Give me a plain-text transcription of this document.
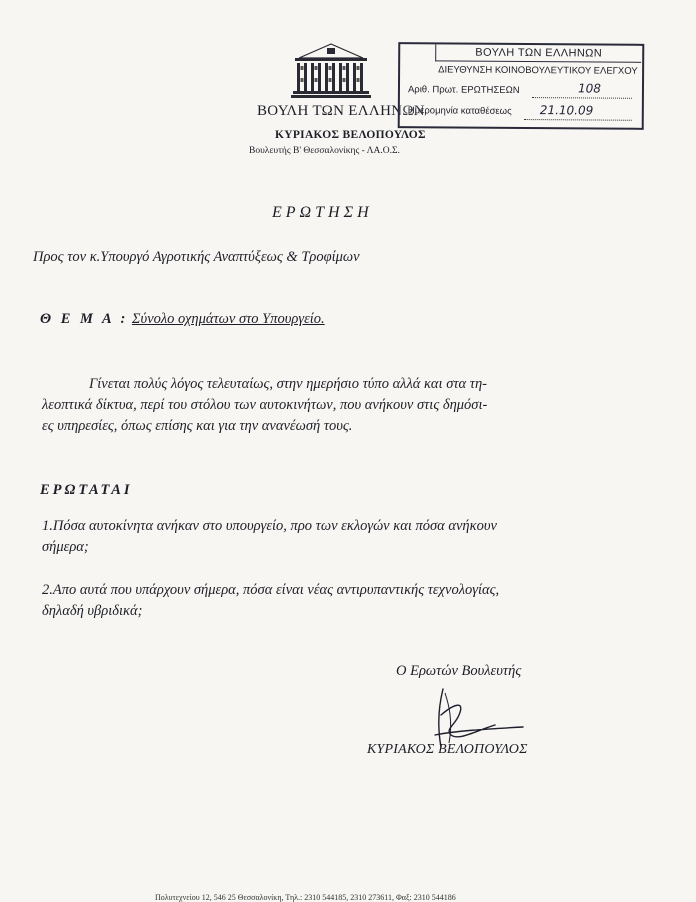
ΒΟΥΛΗ ΤΩΝ ΕΛΛΗΝΩΝ
ΚΥΡΙΑΚΟΣ ΒΕΛΟΠΟΥΛΟΣ
Βουλευτής Β' Θεσσαλονίκης - ΛΑ.Ο.Σ.
ΒΟΥΛΗ ΤΩΝ ΕΛΛΗΝΩΝ
ΔΙΕΥΘΥΝΣΗ ΚΟΙΝΟΒΟΥΛΕΥΤΙΚΟΥ ΕΛΕΓΧΟΥ
Αριθ. Πρωτ. ΕΡΩΤΗΣΕΩΝ	108
Ημερομηνία καταθέσεως 21.10.09
ΕΡΩΤΗΣΗ
Προς τον κ.Υπουργό Αγροτικής Αναπτύξεως & Τροφίμων
Θ Ε Μ Α : Σύνολο οχημάτων στο Υπουργείο.
Γίνεται πολύς λόγος τελευταίως, στην ημερήσιο τύπο αλλά και στα τη-
λεοπτικά δίκτυα, περί του στόλου των αυτοκινήτων, που ανήκουν στις δημόσι-
ες υπηρεσίες, όπως επίσης και για την ανανέωσή τους.
ΕΡΩΤΑΤΑΙ
1.Πόσα αυτοκίνητα ανήκαν στο υπουργείο, προ των εκλογών και πόσα ανήκουν
σήμερα;
2.Απο αυτά που υπάρχουν σήμερα, πόσα είναι νέας αντιρυπαντικής τεχνολογίας,
δηλαδή υβριδικά;
Ο Ερωτών Βουλευτής
ΚΥΡΙΑΚΟΣ ΒΕΛΟΠΟΥΛΟΣ
Πολυτεχνείου 12, 546 25 Θεσσαλονίκη, Τηλ.: 2310 544185, 2310 273611, Φαξ: 2310 544186
